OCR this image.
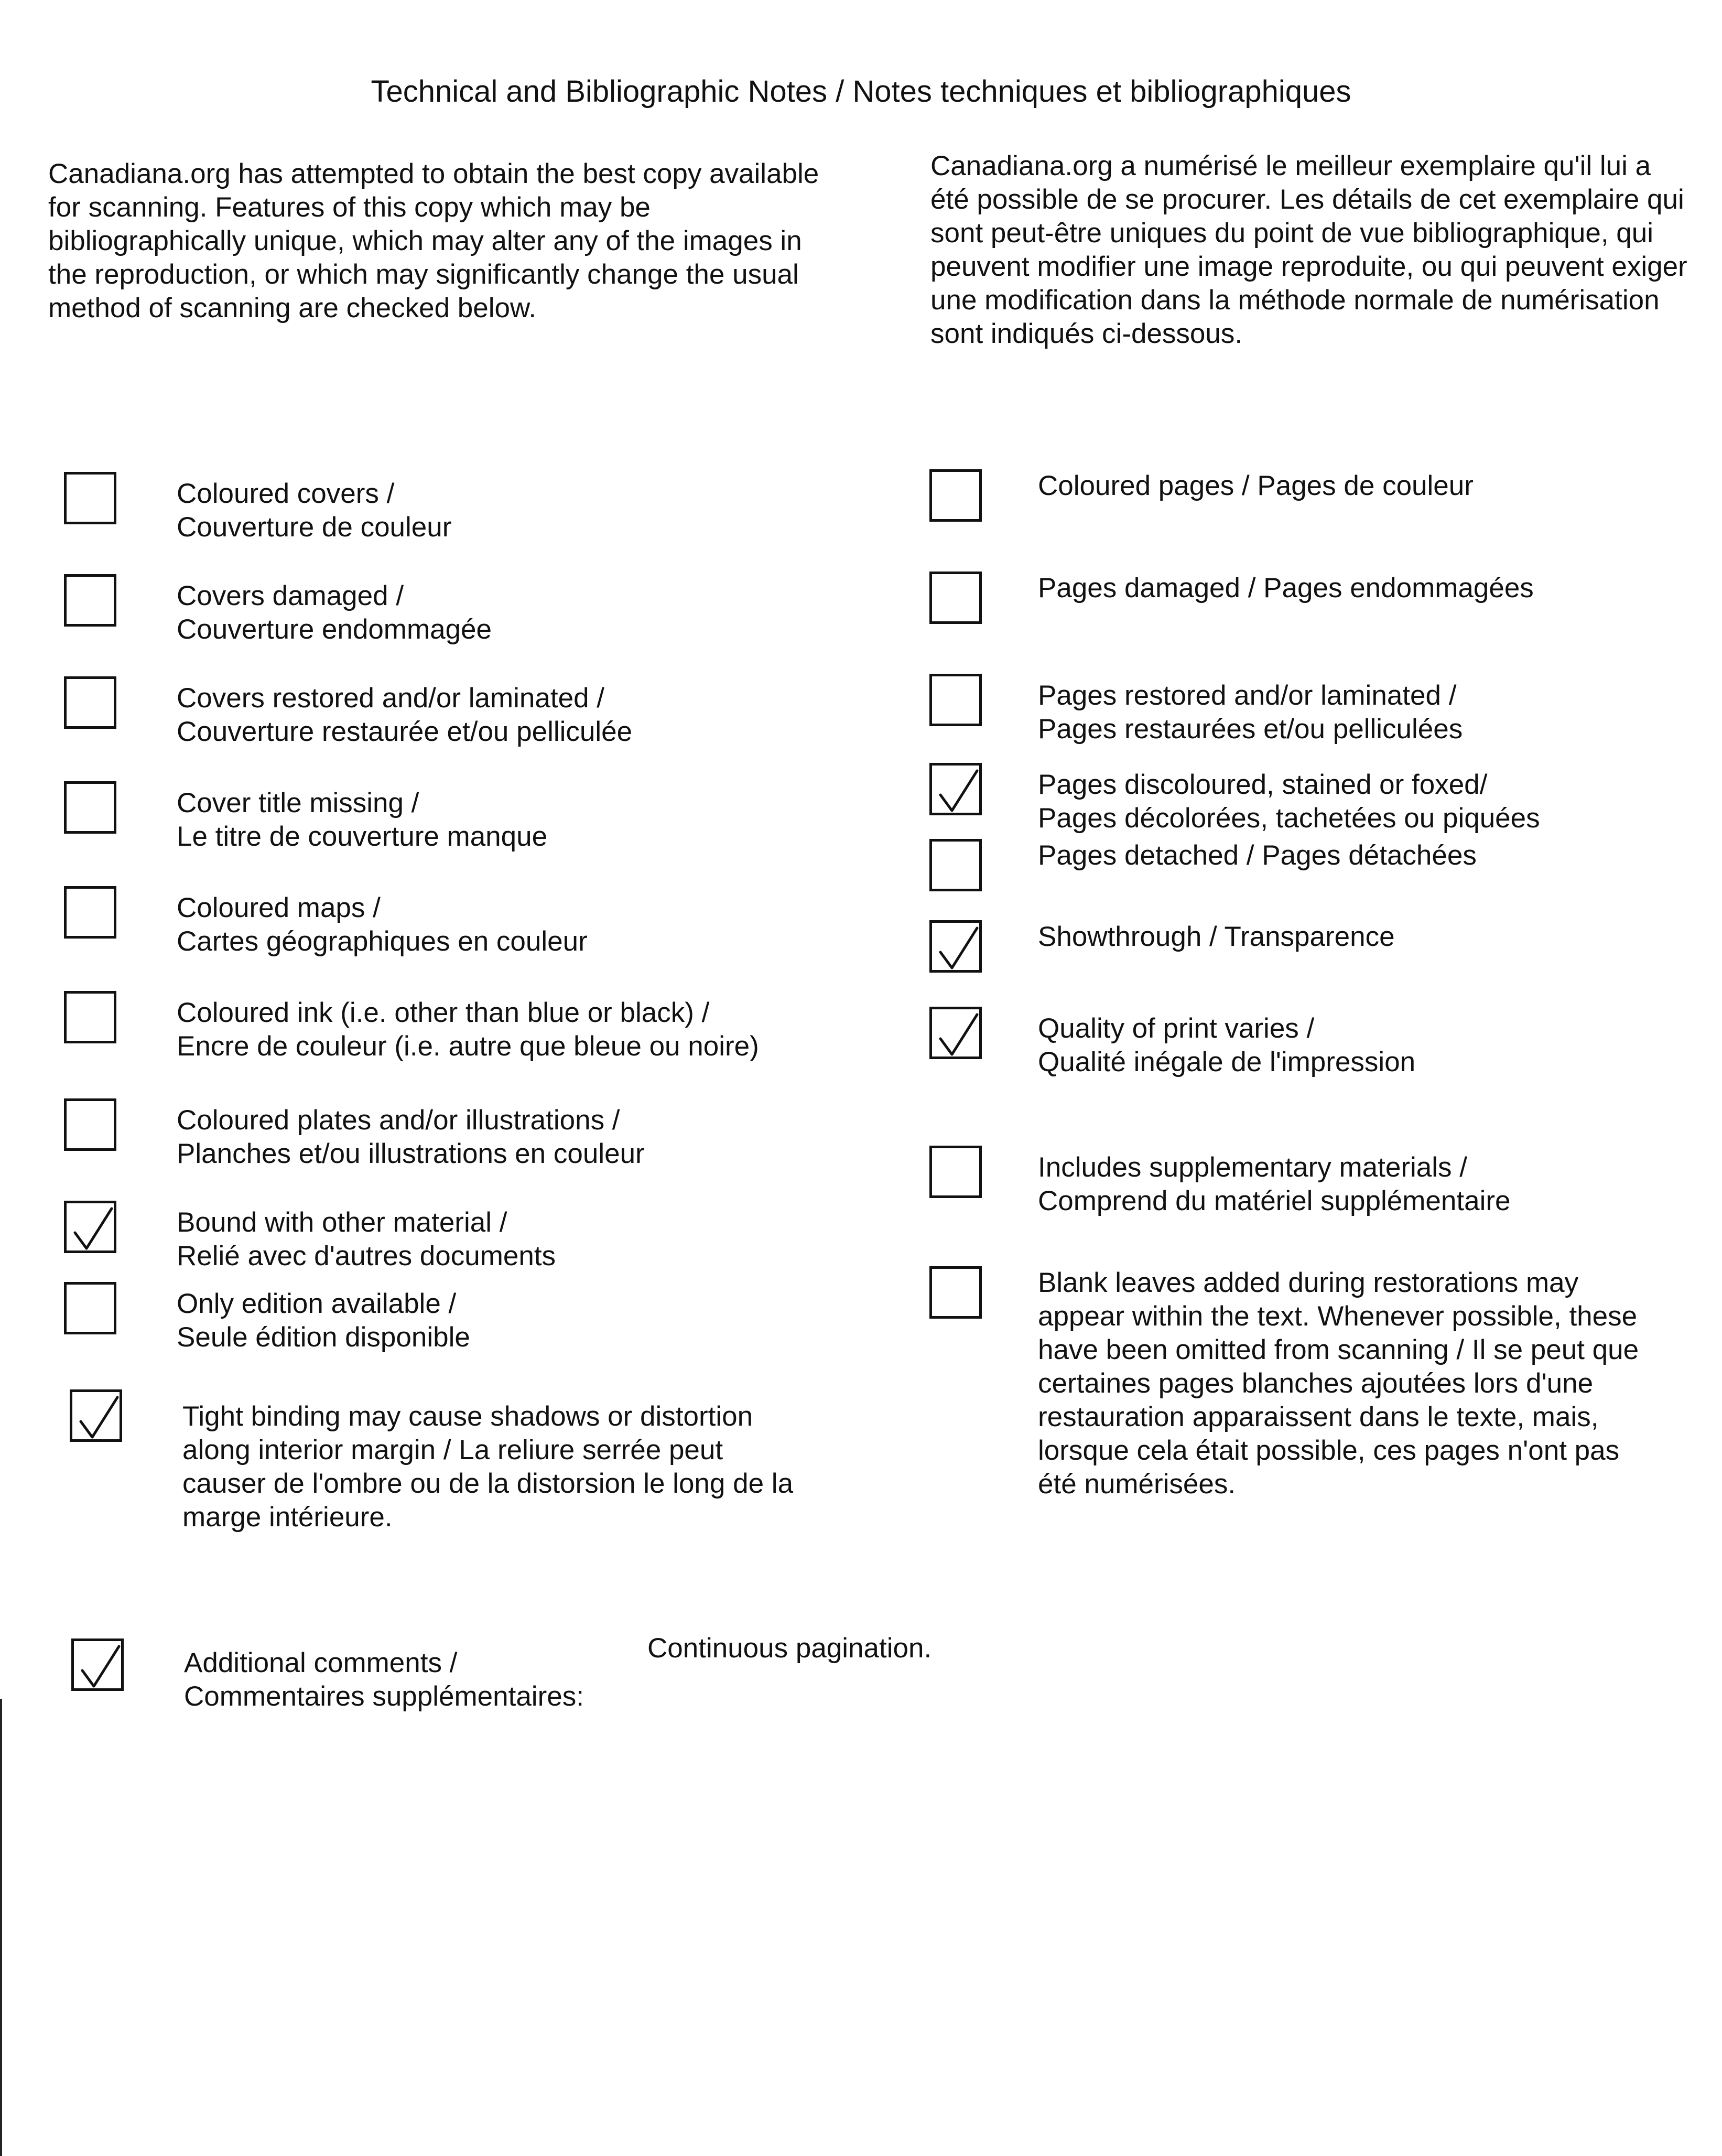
Technical and Bibliographic Notes / Notes techniques et bibliographiques
Canadiana.org has attempted to obtain the best copy available for scanning. Features of this copy which may be bibliographically unique, which may alter any of the images in the reproduction, or which may significantly change the usual method of scanning are checked below.
Canadiana.org a numérisé le meilleur exemplaire qu'il lui a été possible de se procurer. Les détails de cet exemplaire qui sont peut-être uniques du point de vue bibliographique, qui peuvent modifier une image reproduite, ou qui peuvent exiger une modification dans la méthode normale de numérisation sont indiqués ci-dessous.
Coloured covers /
Couverture de couleur
Covers damaged /
Couverture endommagée
Covers restored and/or laminated /
Couverture restaurée et/ou pelliculée
Cover title missing /
Le titre de couverture manque
Coloured maps /
Cartes géographiques en couleur
Coloured ink (i.e. other than blue or black) /
Encre de couleur (i.e. autre que bleue ou noire)
Coloured plates and/or illustrations /
Planches et/ou illustrations en couleur
Bound with other material /
Relié avec d'autres documents
Only edition available /
Seule édition disponible
Coloured pages / Pages de couleur
Pages damaged / Pages endommagées
Pages restored and/or laminated /
Pages restaurées et/ou pelliculées
Pages discoloured, stained or foxed/
Pages décolorées, tachetées ou piquées
Pages detached / Pages détachées
Showthrough / Transparence
Quality of print varies /
Qualité inégale de l'impression
Includes supplementary materials /
Comprend du matériel supplémentaire
Tight binding may cause shadows or distortion
along interior margin / La reliure serrée peut
causer de l'ombre ou de la distorsion le long de la
marge intérieure.
Blank leaves added during restorations may
appear within the text. Whenever possible, these
have been omitted from scanning / Il se peut que
certaines pages blanches ajoutées lors d'une
restauration apparaissent dans le texte, mais,
lorsque cela était possible, ces pages n'ont pas
été numérisées.
Additional comments /
Commentaires supplémentaires:
Continuous pagination.
